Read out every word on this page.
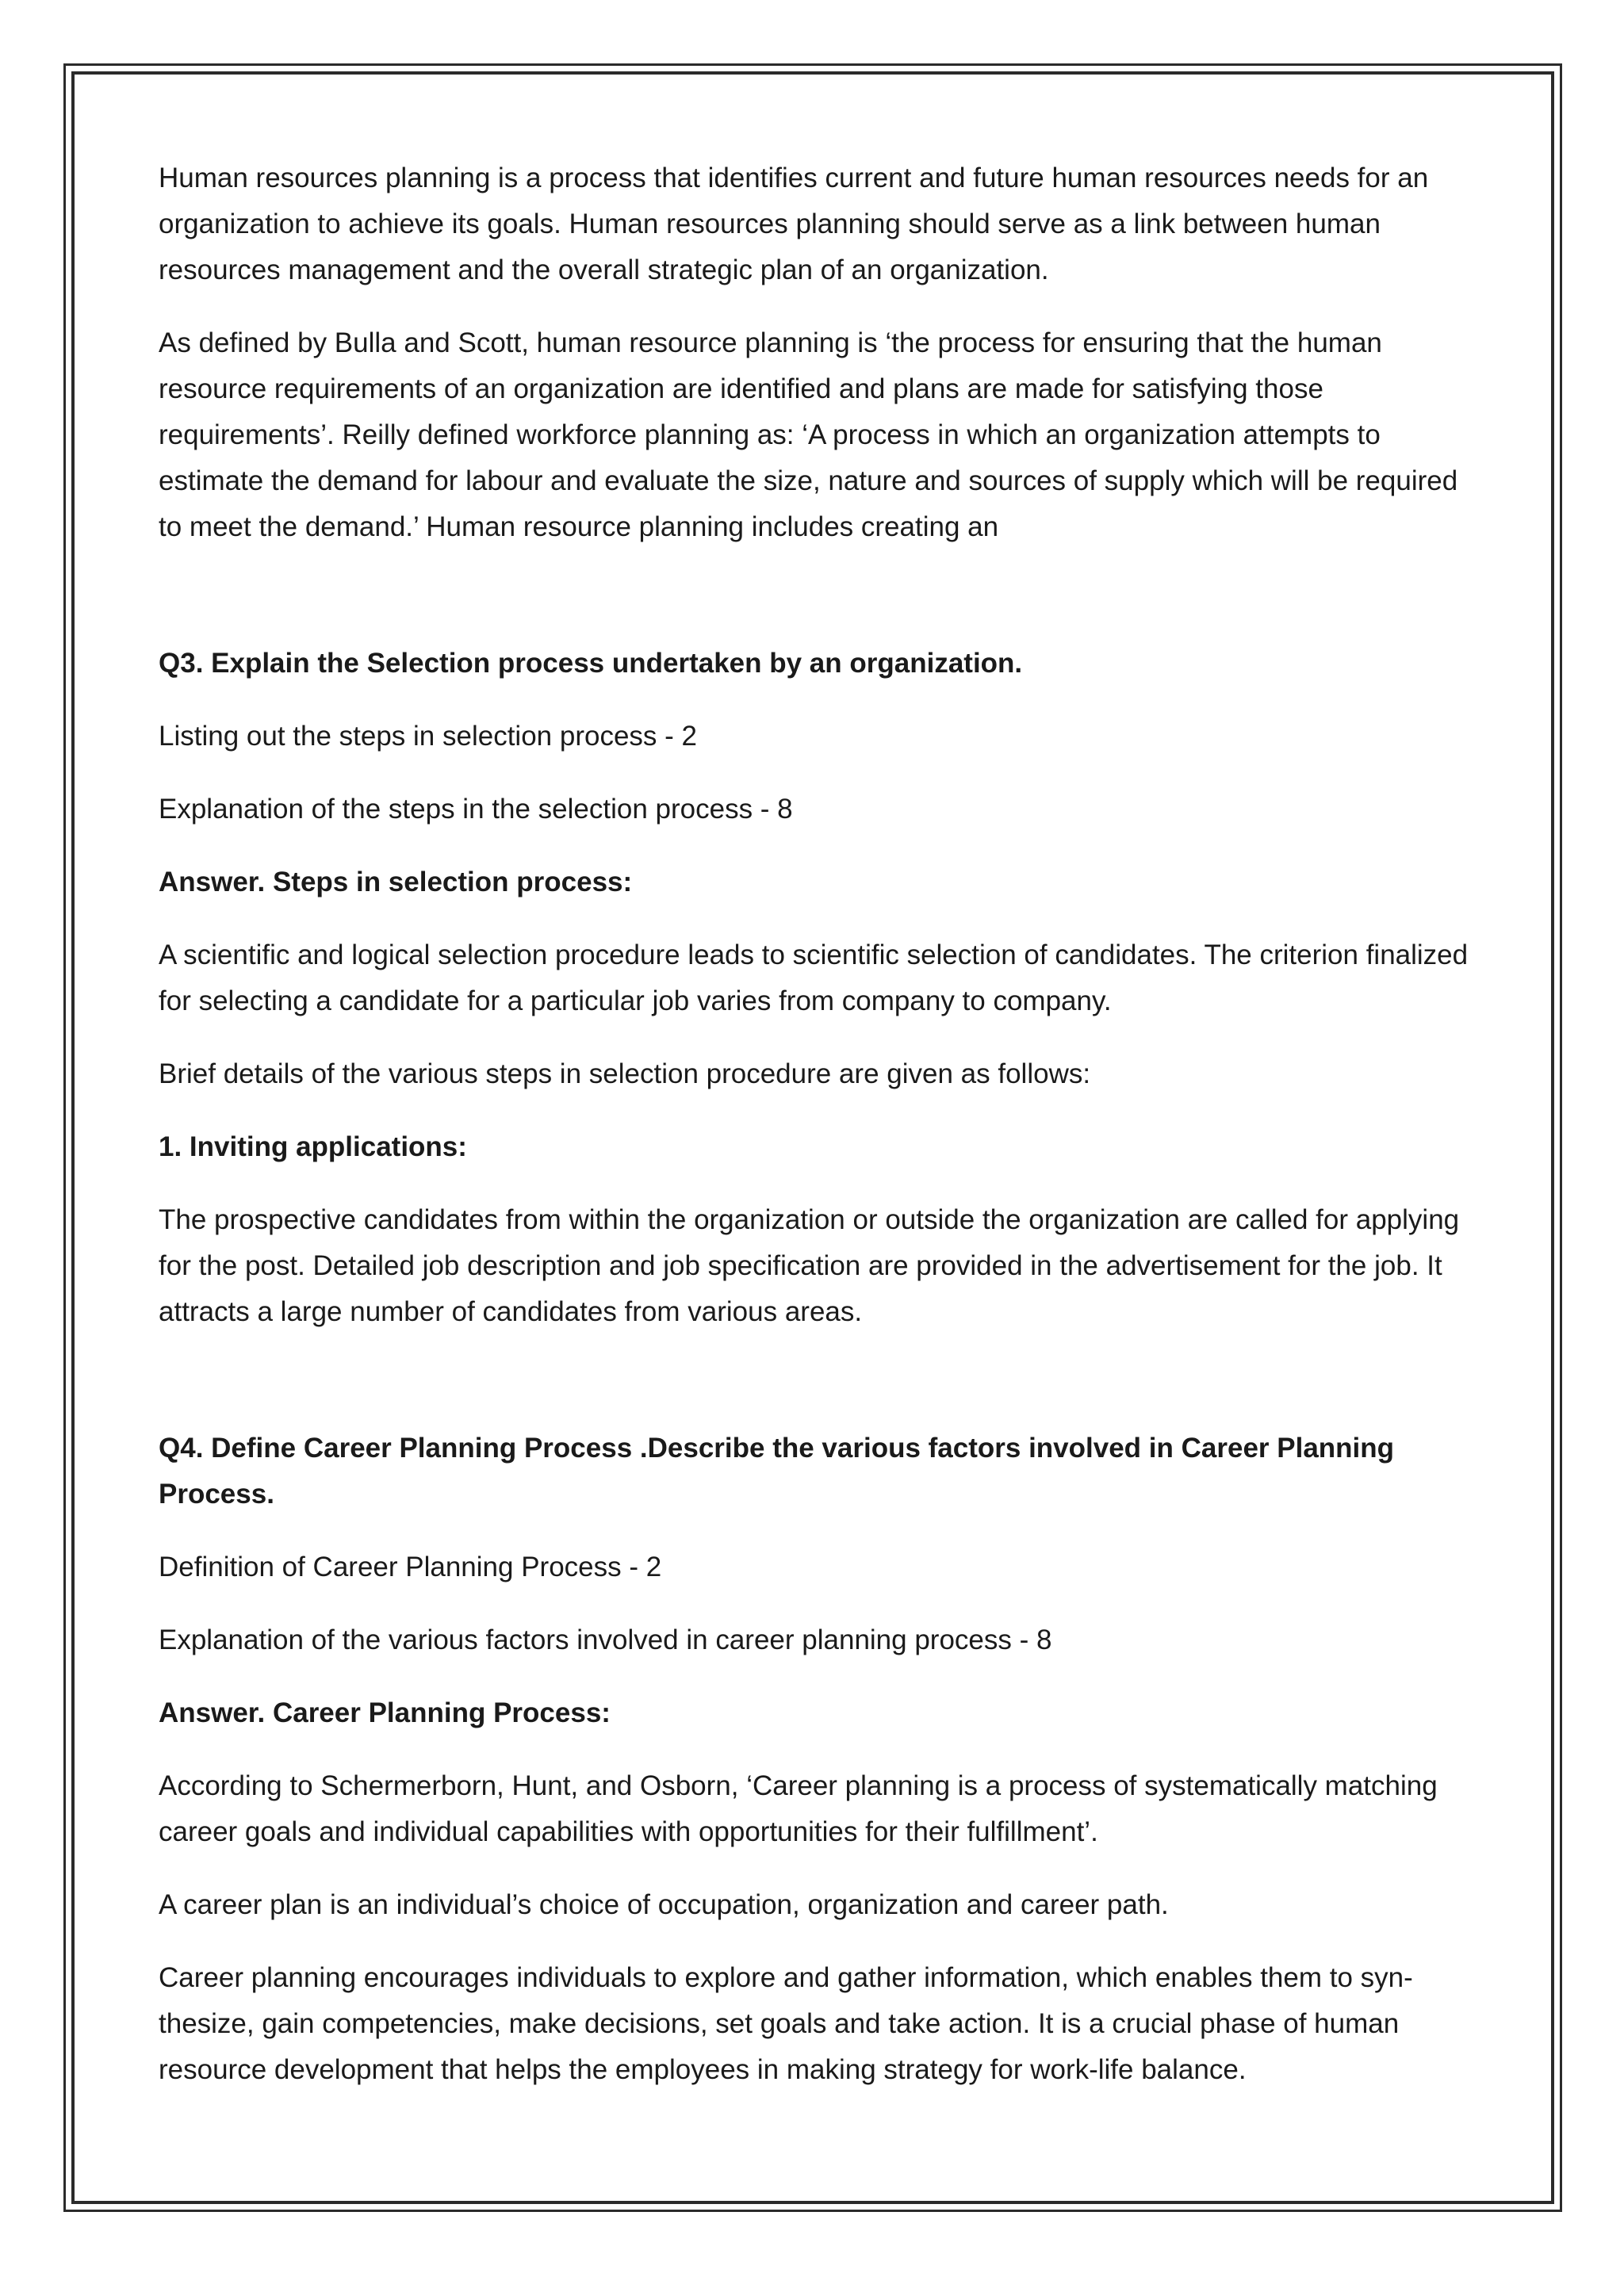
Human resources planning is a process that identifies current and future human resources needs for an organization to achieve its goals. Human resources planning should serve as a link between human resources management and the overall strategic plan of an organization.

As defined by Bulla and Scott, human resource planning is ‘the process for ensuring that the human resource requirements of an organization are identified and plans are made for satisfying those requirements’. Reilly defined workforce planning as: ‘A process in which an organization attempts to estimate the demand for labour and evaluate the size, nature and sources of supply which will be required to meet the demand.’ Human resource planning includes creating an

Q3. Explain the Selection process undertaken by an organization.

Listing out the steps in selection process - 2

Explanation of the steps in the selection process - 8

Answer. Steps in selection process:

A scientific and logical selection procedure leads to scientific selection of candidates. The criterion finalized for selecting a candidate for a particular job varies from company to company.

Brief details of the various steps in selection procedure are given as follows:

1. Inviting applications:

The prospective candidates from within the organization or outside the organization are called for applying for the post. Detailed job description and job specification are provided in the advertisement for the job. It attracts a large number of candidates from various areas.

Q4. Define Career Planning Process .Describe the various factors involved in Career Planning Process.

Definition of Career Planning Process - 2

Explanation of the various factors involved in career planning process - 8

Answer. Career Planning Process:

According to Schermerborn, Hunt, and Osborn, ‘Career planning is a process of systematically matching career goals and individual capabilities with opportunities for their fulfillment’.

A career plan is an individual’s choice of occupation, organization and career path.

Career planning encourages individuals to explore and gather information, which enables them to syn-thesize, gain competencies, make decisions, set goals and take action. It is a crucial phase of human resource development that helps the employees in making strategy for work-life balance.
